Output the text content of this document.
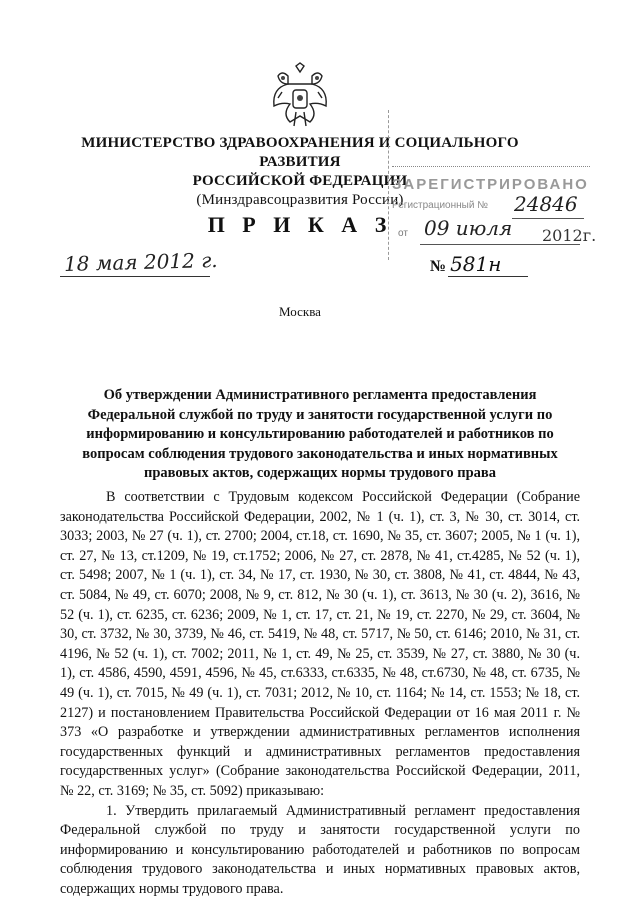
МИНИСТЕРСТВО ЗДРАВООХРАНЕНИЯ И СОЦИАЛЬНОГО РАЗВИТИЯ
РОССИЙСКОЙ ФЕДЕРАЦИИ
(Минздравсоцразвития России)
П Р И К А З
ЗАРЕГИСТРИРОВАНО
Регистрационный № 24846
от 09 июля 2012г.
18 мая 2012 г.	№ 581н
Москва
Об утверждении Административного регламента предоставления Федеральной службой по труду и занятости государственной услуги по информированию и консультированию работодателей и работников по вопросам соблюдения трудового законодательства и иных нормативных правовых актов, содержащих нормы трудового права

В соответствии с Трудовым кодексом Российской Федерации (Собрание законодательства Российской Федерации, 2002, № 1 (ч. 1), ст. 3, № 30, ст. 3014, ст. 3033; 2003, № 27 (ч. 1), ст. 2700; 2004, ст.18, ст. 1690, № 35, ст. 3607; 2005, № 1 (ч. 1), ст. 27, № 13, ст.1209, № 19, ст.1752; 2006, № 27, ст. 2878, № 41, ст.4285, № 52 (ч. 1), ст. 5498; 2007, № 1 (ч. 1), ст. 34, № 17, ст. 1930, № 30, ст. 3808, № 41, ст. 4844, № 43, ст. 5084, № 49, ст. 6070; 2008, № 9, ст. 812, № 30 (ч. 1), ст. 3613, № 30 (ч. 2), 3616, № 52 (ч. 1), ст. 6235, ст. 6236; 2009, № 1, ст. 17, ст. 21, № 19, ст. 2270, № 29, ст. 3604, № 30, ст. 3732, № 30, 3739, № 46, ст. 5419, № 48, ст. 5717, № 50, ст. 6146; 2010, № 31, ст. 4196, № 52 (ч. 1), ст. 7002; 2011, № 1, ст. 49, № 25, ст. 3539, № 27, ст. 3880, № 30 (ч. 1), ст. 4586, 4590, 4591, 4596, № 45, ст.6333, ст.6335, № 48, ст.6730, № 48, ст. 6735, № 49 (ч. 1), ст. 7015, № 49 (ч. 1), ст. 7031; 2012, № 10, ст. 1164; № 14, ст. 1553; № 18, ст. 2127) и постановлением Правительства Российской Федерации от 16 мая 2011 г. № 373 «О разработке и утверждении административных регламентов исполнения государственных функций и административных регламентов предоставления государственных услуг» (Собрание законодательства Российской Федерации, 2011, № 22, ст. 3169; № 35, ст. 5092) приказываю:

1. Утвердить прилагаемый Административный регламент предоставления Федеральной службой по труду и занятости государственной услуги по информированию и консультированию работодателей и работников по вопросам соблюдения трудового законодательства и иных нормативных правовых актов, содержащих нормы трудового права.
